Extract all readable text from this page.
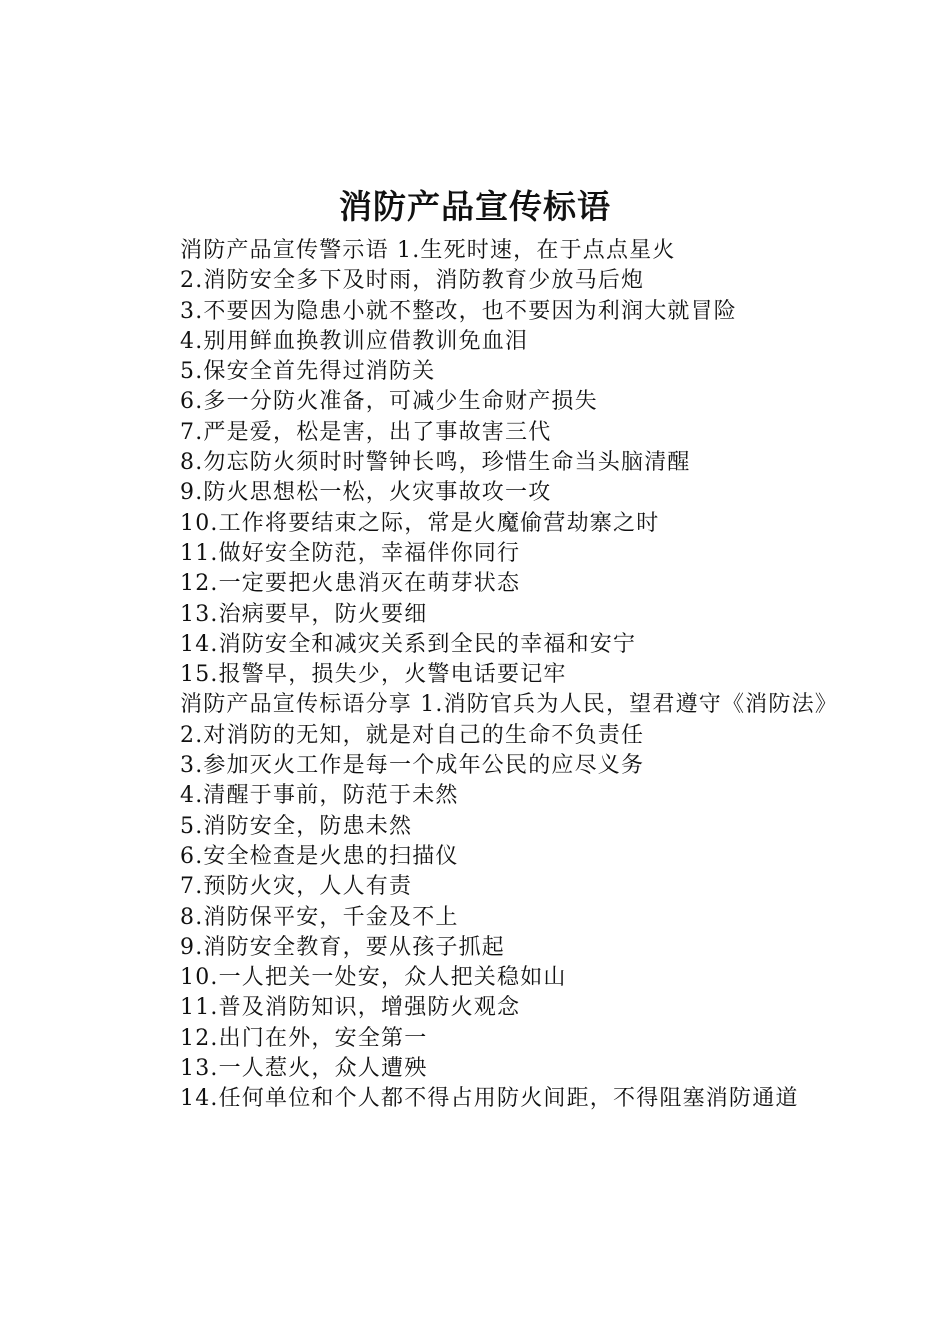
消防产品宣传标语

消防产品宣传警示语 1.生死时速，在于点点星火

2.消防安全多下及时雨，消防教育少放马后炮

3.不要因为隐患小就不整改，也不要因为利润大就冒险

4.别用鲜血换教训应借教训免血泪

5.保安全首先得过消防关

6.多一分防火准备，可减少生命财产损失

7.严是爱，松是害，出了事故害三代

8.勿忘防火须时时警钟长鸣，珍惜生命当头脑清醒

9.防火思想松一松，火灾事故攻一攻

10.工作将要结束之际，常是火魔偷营劫寨之时

11.做好安全防范，幸福伴你同行

12.一定要把火患消灭在萌芽状态

13.治病要早，防火要细

14.消防安全和减灾关系到全民的幸福和安宁

15.报警早，损失少，火警电话要记牢

消防产品宣传标语分享 1.消防官兵为人民，望君遵守《消防法》

2.对消防的无知，就是对自己的生命不负责任

3.参加灭火工作是每一个成年公民的应尽义务

4.清醒于事前，防范于未然

5.消防安全，防患未然

6.安全检查是火患的扫描仪

7.预防火灾，人人有责

8.消防保平安，千金及不上

9.消防安全教育，要从孩子抓起

10.一人把关一处安，众人把关稳如山

11.普及消防知识，增强防火观念

12.出门在外，安全第一

13.一人惹火，众人遭殃

14.任何单位和个人都不得占用防火间距，不得阻塞消防通道
